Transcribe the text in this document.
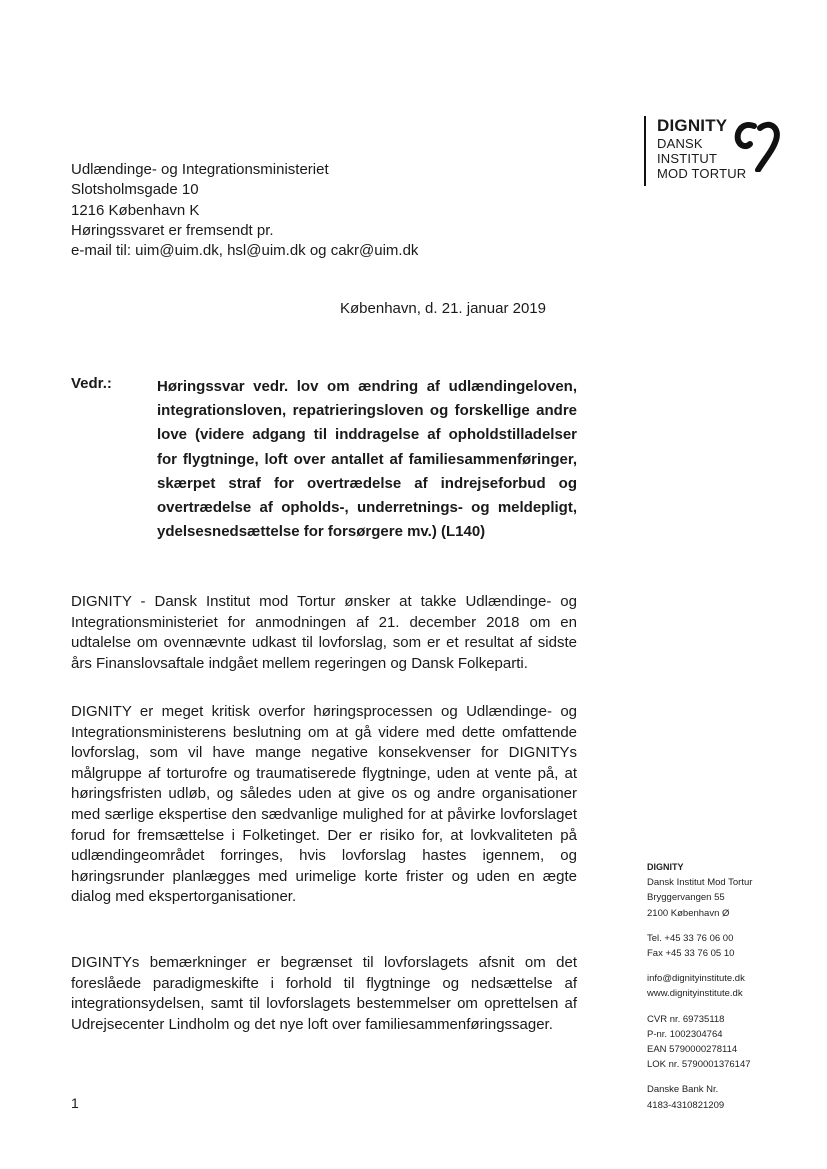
DIGNITY
DANSK
INSTITUT
MOD TORTUR
Udlændinge- og Integrationsministeriet
Slotsholmsgade 10
1216 København K
Høringssvaret er fremsendt pr.
e-mail til: uim@uim.dk, hsl@uim.dk og cakr@uim.dk
København, d. 21. januar 2019
Vedr.:	Høringssvar vedr. lov om ændring af udlændingeloven, integrationsloven, repatrieringsloven og forskellige andre love (videre adgang til inddragelse af opholdstilladelser for flygtninge, loft over antallet af familiesammenføringer, skærpet straf for overtrædelse af indrejseforbud og overtrædelse af opholds-, underretnings- og meldepligt, ydelsesnedsættelse for forsørgere mv.) (L140)
DIGNITY - Dansk Institut mod Tortur ønsker at takke Udlændinge- og Integrationsministeriet for anmodningen af 21. december 2018 om en udtalelse om ovennævnte udkast til lovforslag, som er et resultat af sidste års Finanslovsaftale indgået mellem regeringen og Dansk Folkeparti.
DIGNITY er meget kritisk overfor høringsprocessen og Udlændinge- og Integrationsministerens beslutning om at gå videre med dette omfattende lovforslag, som vil have mange negative konsekvenser for DIGNITYs målgruppe af torturofre og traumatiserede flygtninge, uden at vente på, at høringsfristen udløb, og således uden at give os og andre organisationer med særlige ekspertise den sædvanlige mulighed for at påvirke lovforslaget forud for fremsættelse i Folketinget. Der er risiko for, at lovkvaliteten på udlændingeområdet forringes, hvis lovforslag hastes igennem, og høringsrunder planlægges med urimelige korte frister og uden en ægte dialog med ekspertorganisationer.
DIGINTYs bemærkninger er begrænset til lovforslagets afsnit om det foreslåede paradigmeskifte i forhold til flygtninge og nedsættelse af integrationsydelsen, samt til lovforslagets bestemmelser om oprettelsen af Udrejsecenter Lindholm og det nye loft over familiesammenføringssager.
1
DIGNITY
Dansk Institut Mod Tortur
Bryggervangen 55
2100 København Ø
Tel. +45 33 76 06 00
Fax +45 33 76 05 10
info@dignityinstitute.dk
www.dignityinstitute.dk
CVR nr. 69735118
P-nr. 1002304764
EAN 5790000278114
LOK nr. 5790001376147
Danske Bank Nr.
4183-4310821209
